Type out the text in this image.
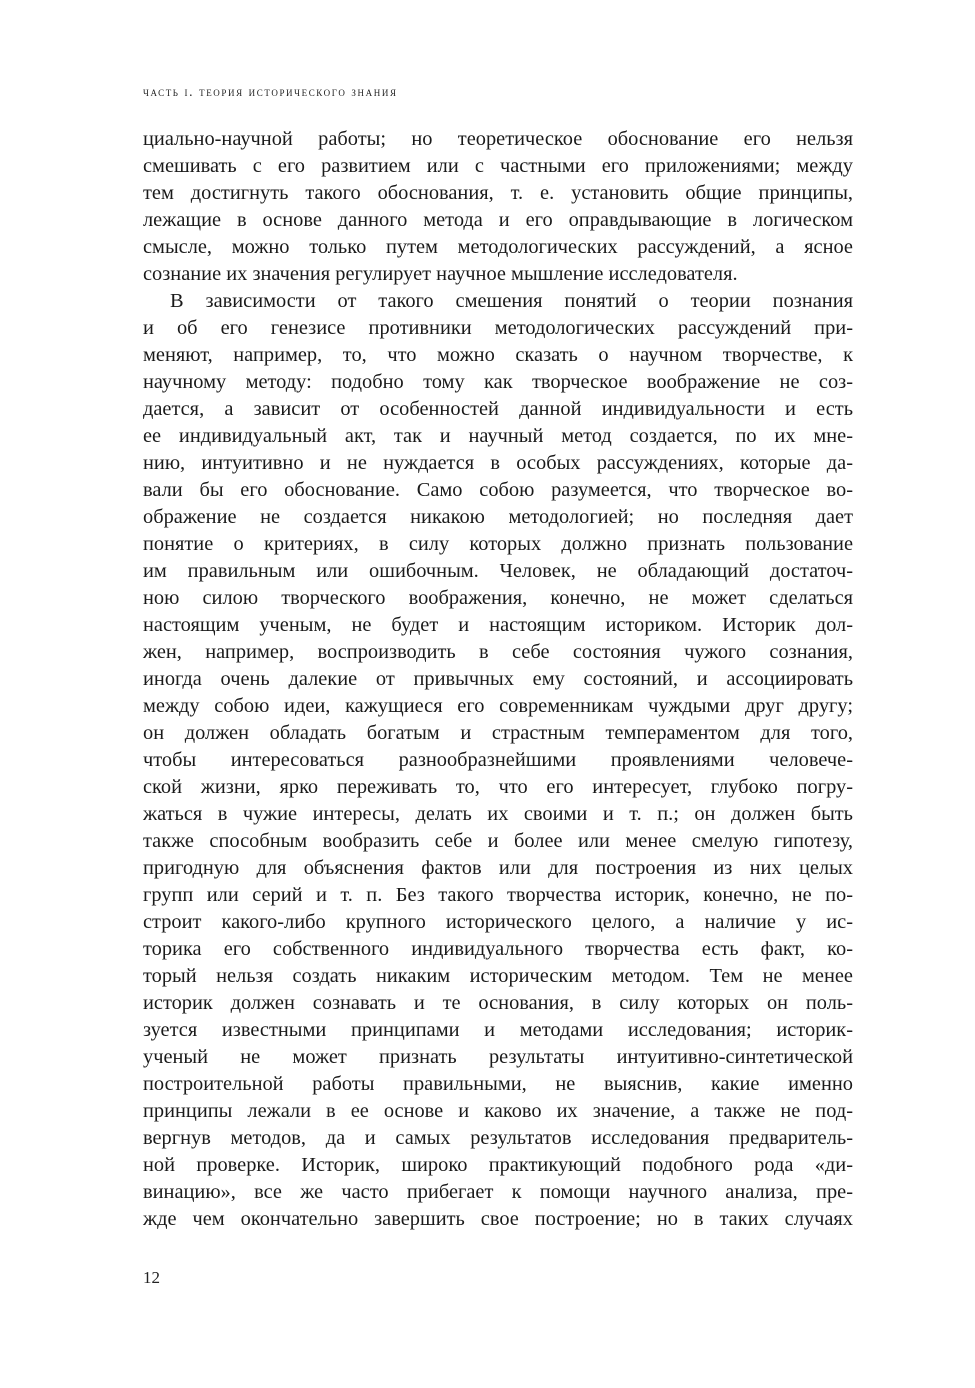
часть i. теория исторического знания
циально-научной работы; но теоретическое обоснование его нельзя
смешивать с его развитием или с частными его приложениями; между
тем достигнуть такого обоснования, т. е. установить общие принципы,
лежащие в основе данного метода и его оправдывающие в логическом
смысле, можно только путем методологических рассуждений, а ясное
сознание их значения регулирует научное мышление исследователя.
В зависимости от такого смешения понятий о теории познания
и об его генезисе противники методологических рассуждений при-
меняют, например, то, что можно сказать о научном творчестве, к
научному методу: подобно тому как творческое воображение не соз-
дается, а зависит от особенностей данной индивидуальности и есть
ее индивидуальный акт, так и научный метод создается, по их мне-
нию, интуитивно и не нуждается в особых рассуждениях, которые да-
вали бы его обоснование. Само собою разумеется, что творческое во-
ображение не создается никакою методологией; но последняя дает
понятие о критериях, в силу которых должно признать пользование
им правильным или ошибочным. Человек, не обладающий достаточ-
ною силою творческого воображения, конечно, не может сделаться
настоящим ученым, не будет и настоящим историком. Историк дол-
жен, например, воспроизводить в себе состояния чужого сознания,
иногда очень далекие от привычных ему состояний, и ассоциировать
между собою идеи, кажущиеся его современникам чуждыми друг другу;
он должен обладать богатым и страстным темпераментом для того,
чтобы интересоваться разнообразнейшими проявлениями человече-
ской жизни, ярко переживать то, что его интересует, глубоко погру-
жаться в чужие интересы, делать их своими и т. п.; он должен быть
также способным вообразить себе и более или менее смелую гипотезу,
пригодную для объяснения фактов или для построения из них целых
групп или серий и т. п. Без такого творчества историк, конечно, не по-
строит какого-либо крупного исторического целого, а наличие у ис-
торика его собственного индивидуального творчества есть факт, ко-
торый нельзя создать никаким историческим методом. Тем не менее
историк должен сознавать и те основания, в силу которых он поль-
зуется известными принципами и методами исследования; историк-
ученый не может признать результаты интуитивно-синтетической
построительной работы правильными, не выяснив, какие именно
принципы лежали в ее основе и каково их значение, а также не под-
вергнув методов, да и самых результатов исследования предваритель-
ной проверке. Историк, широко практикующий подобного рода «ди-
винацию», все же часто прибегает к помощи научного анализа, пре-
жде чем окончательно завершить свое построение; но в таких случаях
12
